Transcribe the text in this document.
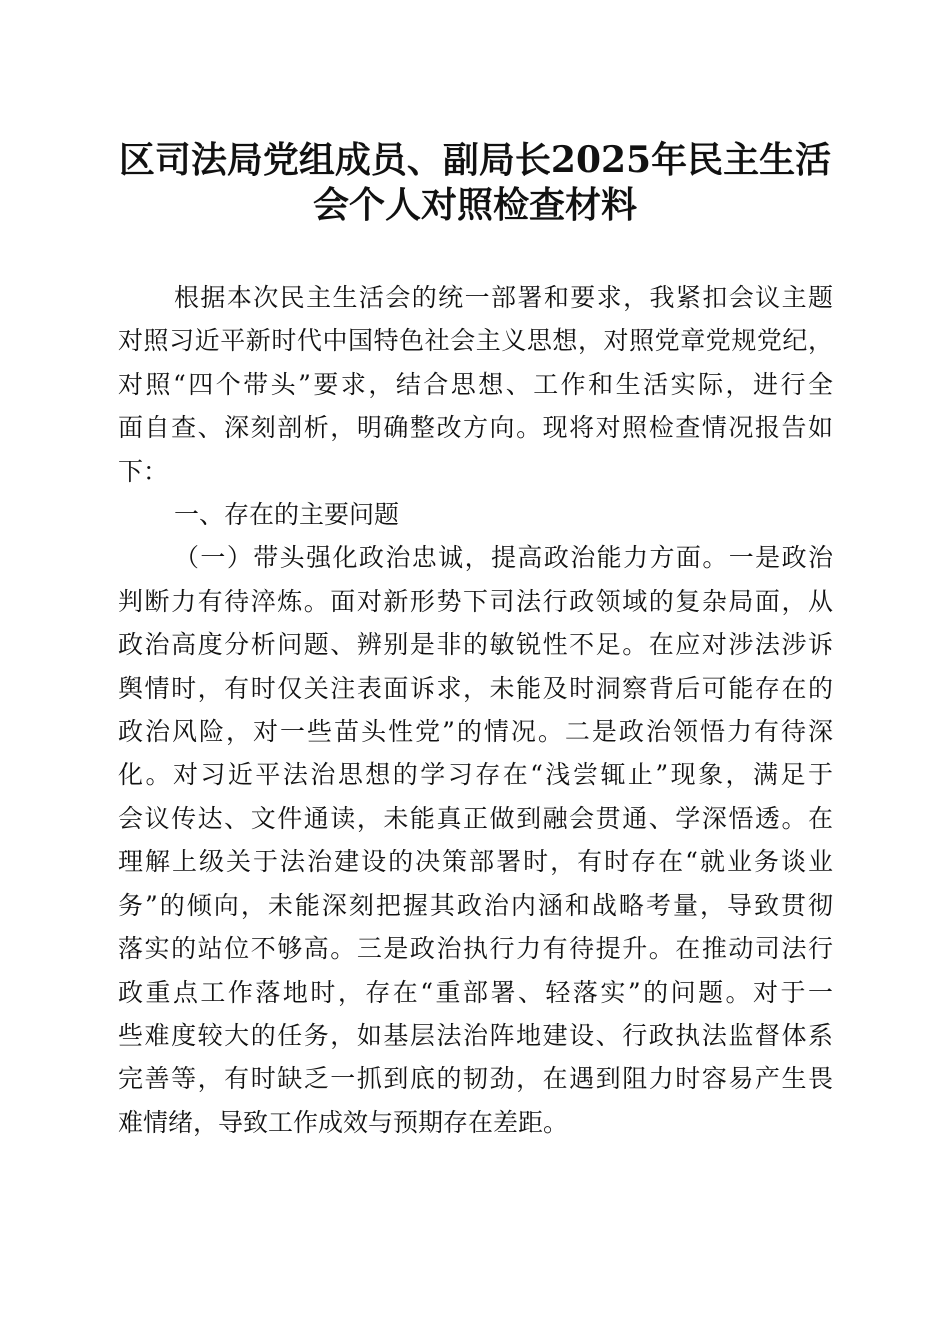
区司法局党组成员、副局长2025年民主生活
会个人对照检查材料
根据本次民主生活会的统一部署和要求，我紧扣会议主题
对照习近平新时代中国特色社会主义思想，对照党章党规党纪，
对照“四个带头”要求，结合思想、工作和生活实际，进行全
面自查、深刻剖析，明确整改方向。现将对照检查情况报告如
下：
一、存在的主要问题
（一）带头强化政治忠诚，提高政治能力方面。一是政治
判断力有待淬炼。面对新形势下司法行政领域的复杂局面，从
政治高度分析问题、辨别是非的敏锐性不足。在应对涉法涉诉
舆情时，有时仅关注表面诉求，未能及时洞察背后可能存在的
政治风险，对一些苗头性党”的情况。二是政治领悟力有待深
化。对习近平法治思想的学习存在“浅尝辄止”现象，满足于
会议传达、文件通读，未能真正做到融会贯通、学深悟透。在
理解上级关于法治建设的决策部署时，有时存在“就业务谈业
务”的倾向，未能深刻把握其政治内涵和战略考量，导致贯彻
落实的站位不够高。三是政治执行力有待提升。在推动司法行
政重点工作落地时，存在“重部署、轻落实”的问题。对于一
些难度较大的任务，如基层法治阵地建设、行政执法监督体系
完善等，有时缺乏一抓到底的韧劲，在遇到阻力时容易产生畏
难情绪，导致工作成效与预期存在差距。
